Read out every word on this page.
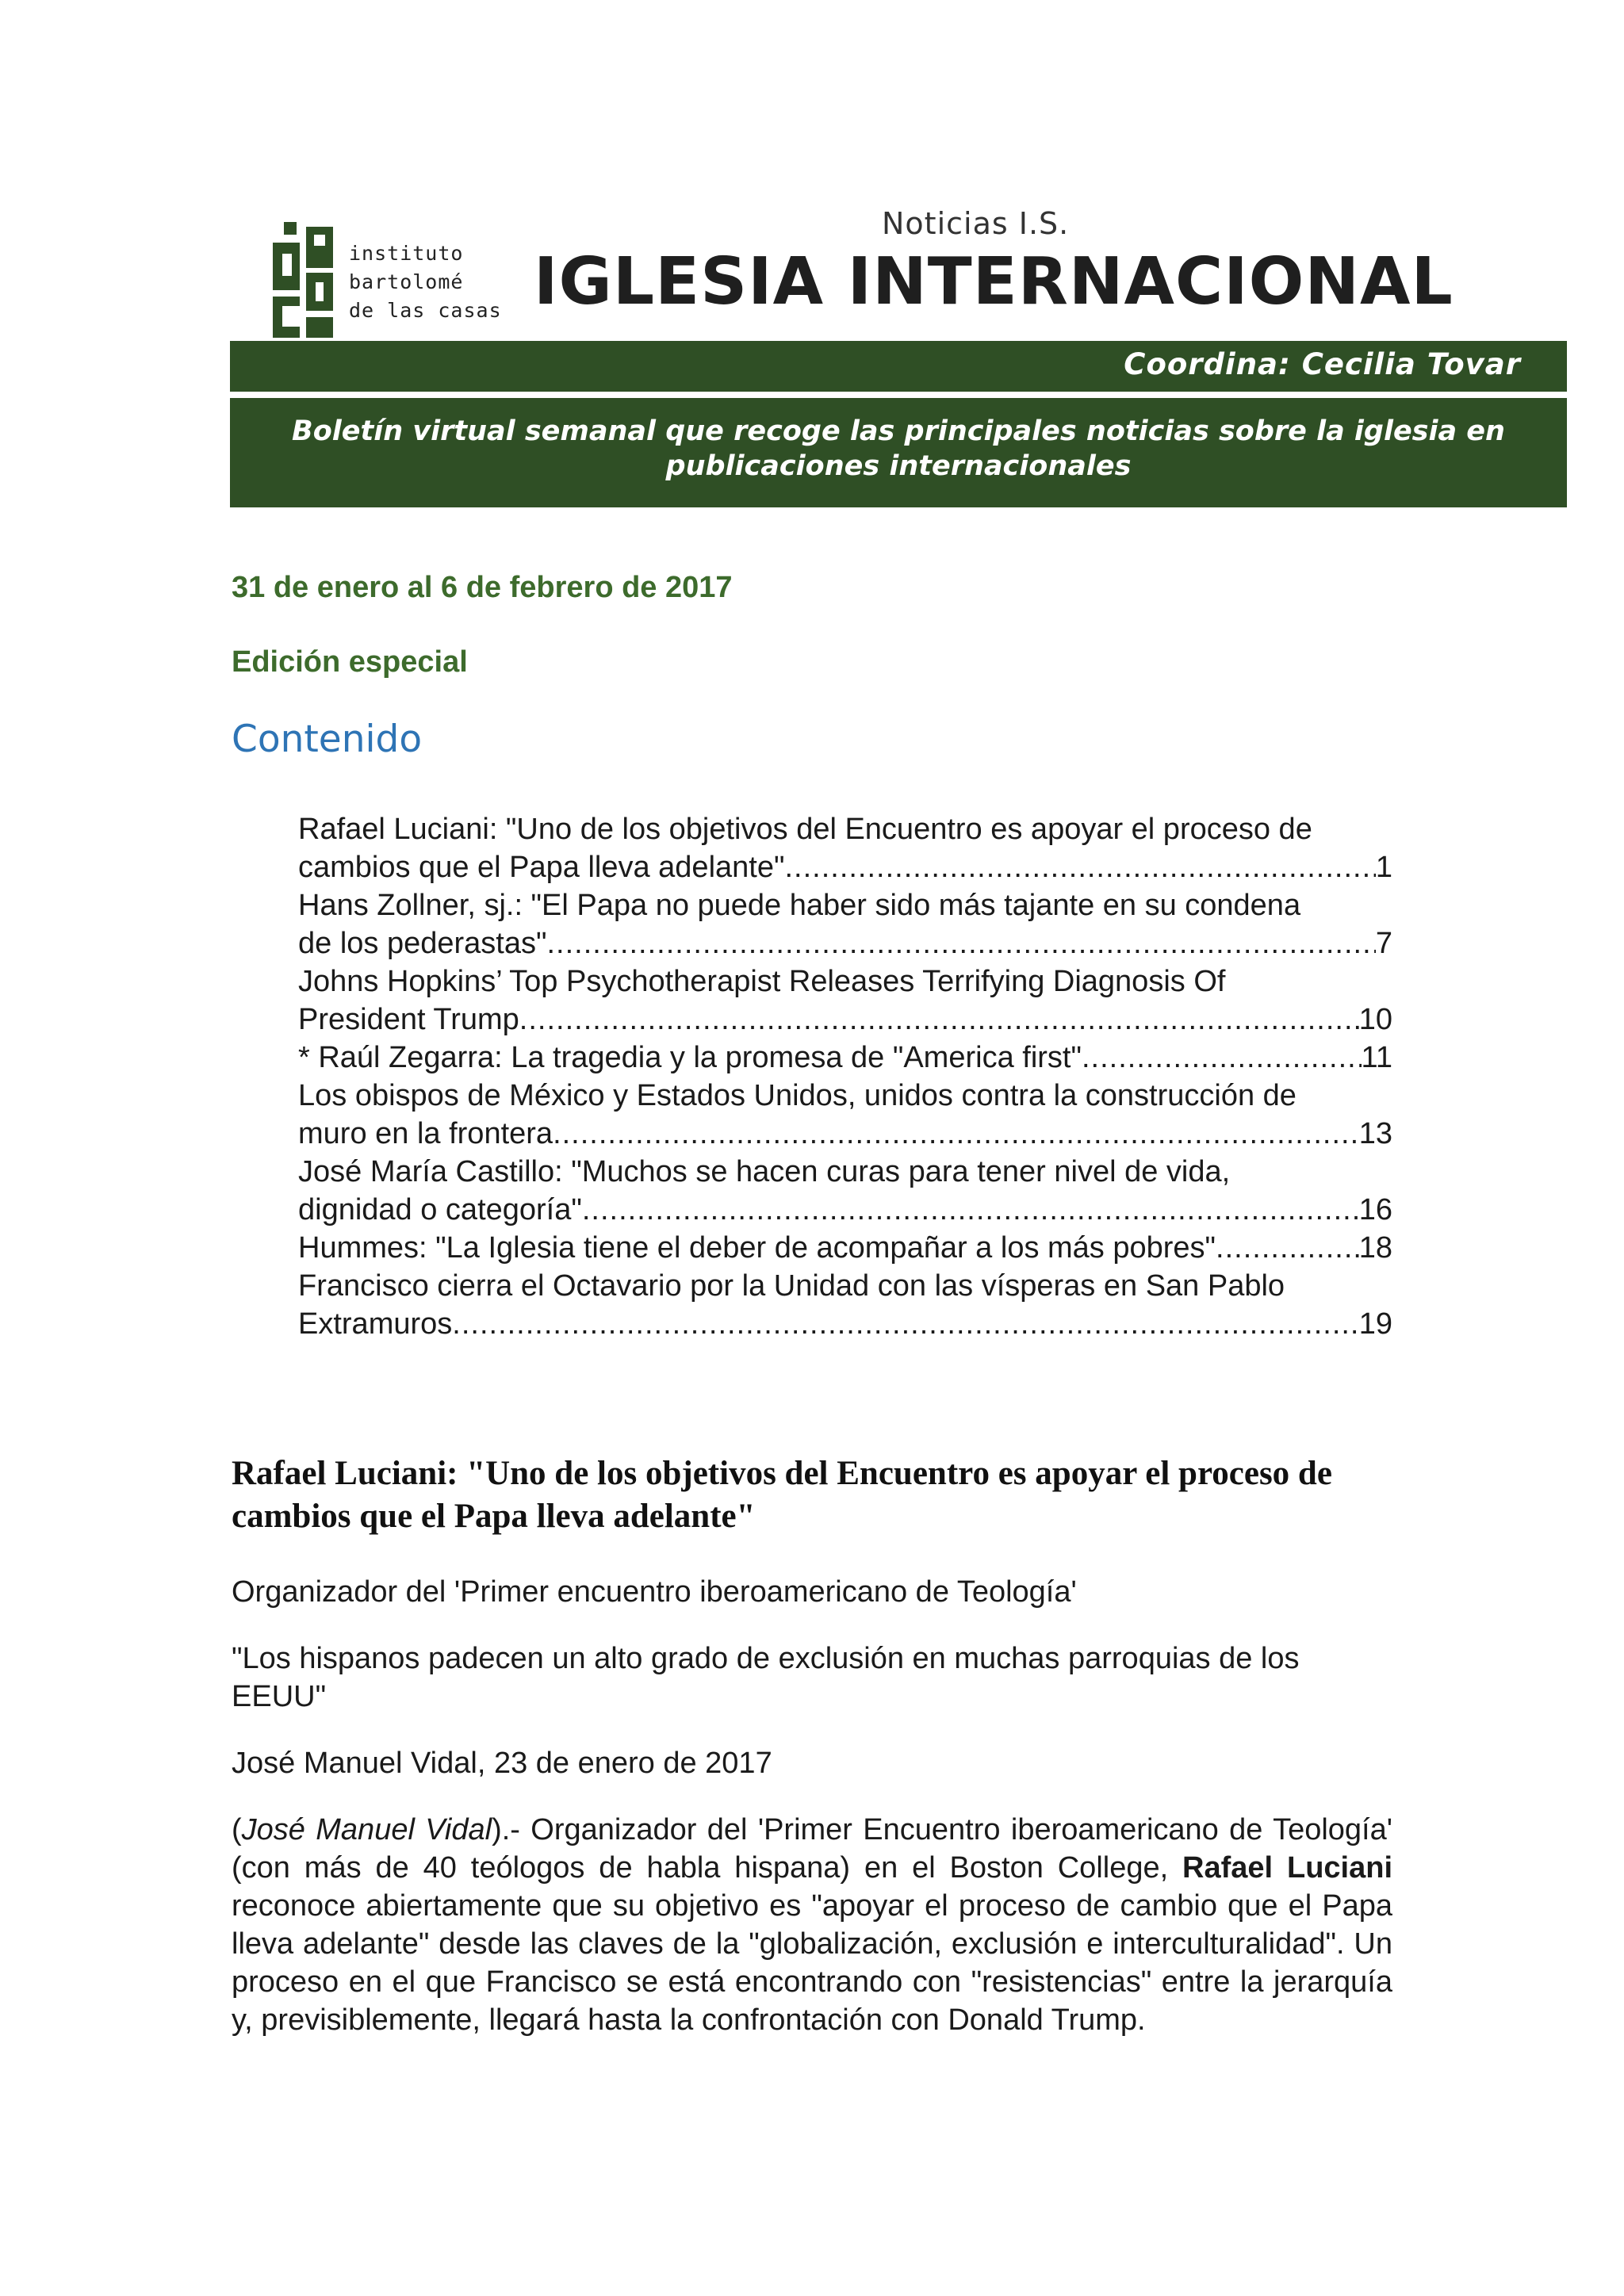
instituto
bartolomé
de las casas
Noticias I.S.
IGLESIA INTERNACIONAL
Coordina: Cecilia Tovar
Boletín virtual semanal que recoge las principales noticias sobre la iglesia en publicaciones internacionales
31 de enero al 6 de febrero de 2017
Edición especial
Contenido
Rafael Luciani: "Uno de los objetivos del Encuentro es apoyar el proceso de
cambios que el Papa lleva adelante" .....	1
Hans Zollner, sj.: "El Papa no puede haber sido más tajante en su condena
de los pederastas" .....	7
Johns Hopkins’ Top Psychotherapist Releases Terrifying Diagnosis Of
President Trump .....	10
* Raúl Zegarra: La tragedia y la promesa de "America first" .....	11
Los obispos de México y Estados Unidos, unidos contra la construcción de
muro en la frontera .....	13
José María Castillo: "Muchos se hacen curas para tener nivel de vida,
dignidad o categoría" .....	16
Hummes: "La Iglesia tiene el deber de acompañar a los más pobres" .....	18
Francisco cierra el Octavario por la Unidad con las vísperas en San Pablo
Extramuros .....	19
Rafael Luciani: "Uno de los objetivos del Encuentro es apoyar el proceso de cambios que el Papa lleva adelante"

Organizador del 'Primer encuentro iberoamericano de Teología'

"Los hispanos padecen un alto grado de exclusión en muchas parroquias de los EEUU"

José Manuel Vidal, 23 de enero de 2017

(José Manuel Vidal).- Organizador del 'Primer Encuentro iberoamericano de Teología' (con más de 40 teólogos de habla hispana) en el Boston College, Rafael Luciani reconoce abiertamente que su objetivo es "apoyar el proceso de cambio que el Papa lleva adelante" desde las claves de la "globalización, exclusión e interculturalidad". Un proceso en el que Francisco se está encontrando con "resistencias" entre la jerarquía y, previsiblemente, llegará hasta la confrontación con Donald Trump.
